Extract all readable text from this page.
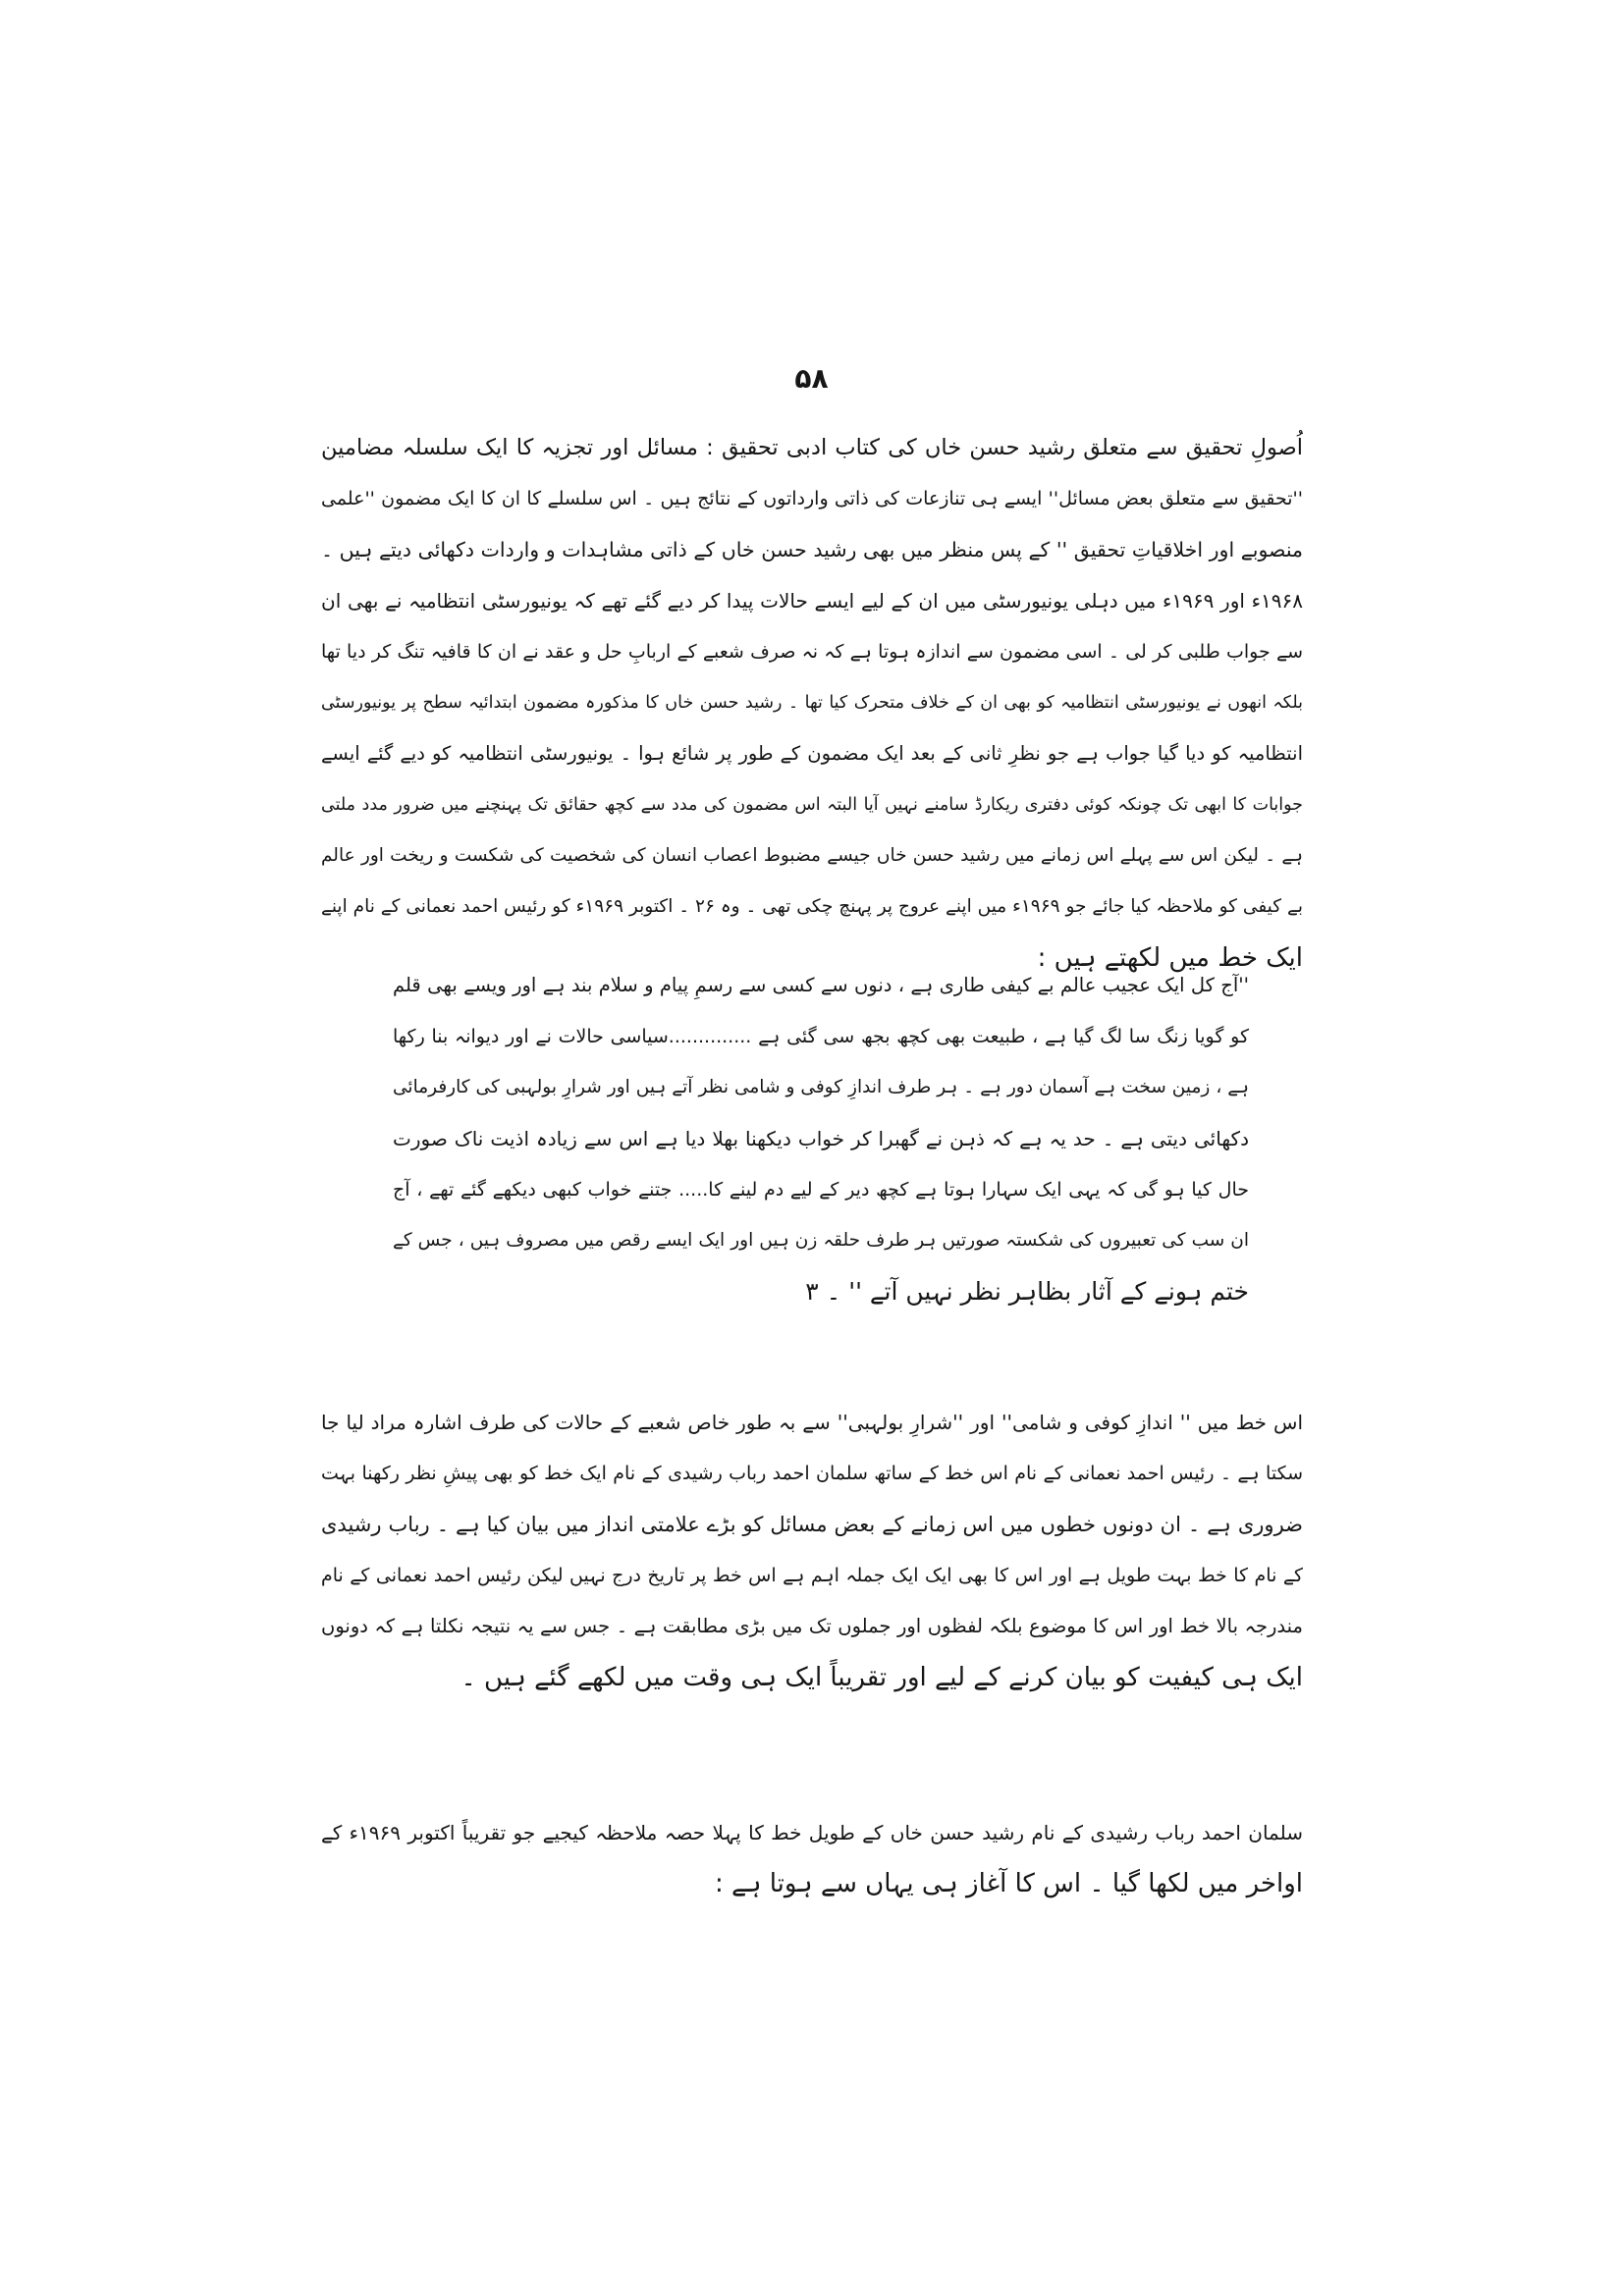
۵۸
اُصولِ تحقیق سے متعلق رشید حسن خاں کی کتاب ادبی تحقیق : مسائل اور تجزیہ کا ایک سلسلہ مضامین
''تحقیق سے متعلق بعض مسائل'' ایسے ہی تنازعات کی ذاتی وارداتوں کے نتائج ہیں ۔ اس سلسلے کا ان کا ایک مضمون ''علمی
منصوبے اور اخلاقیاتِ تحقیق '' کے پس منظر میں بھی رشید حسن خاں کے ذاتی مشاہدات و واردات دکھائی دیتے ہیں ۔
۱۹۶۸ء اور ۱۹۶۹ء میں دہلی یونیورسٹی میں ان کے لیے ایسے حالات پیدا کر دیے گئے تھے کہ یونیورسٹی انتظامیہ نے بھی ان
سے جواب طلبی کر لی ۔ اسی مضمون سے اندازہ ہوتا ہے کہ نہ صرف شعبے کے اربابِ حل و عقد نے ان کا قافیہ تنگ کر دیا تھا
بلکہ انھوں نے یونیورسٹی انتظامیہ کو بھی ان کے خلاف متحرک کیا تھا ۔ رشید حسن خاں کا مذکورہ مضمون ابتدائیہ سطح پر یونیورسٹی
انتظامیہ کو دیا گیا جواب ہے جو نظرِ ثانی کے بعد ایک مضمون کے طور پر شائع ہوا ۔ یونیورسٹی انتظامیہ کو دیے گئے ایسے
جوابات کا ابھی تک چونکہ کوئی دفتری ریکارڈ سامنے نہیں آیا البتہ اس مضمون کی مدد سے کچھ حقائق تک پہنچنے میں ضرور مدد ملتی
ہے ۔ لیکن اس سے پہلے اس زمانے میں رشید حسن خاں جیسے مضبوط اعصاب انسان کی شخصیت کی شکست و ریخت اور عالم
بے کیفی کو ملاحظہ کیا جائے جو ۱۹۶۹ء میں اپنے عروج پر پہنچ چکی تھی ۔ وہ ۲۶ ۔ اکتوبر ۱۹۶۹ء کو رئیس احمد نعمانی کے نام اپنے
ایک خط میں لکھتے ہیں :
''آج کل ایک عجیب عالم بے کیفی طاری ہے ، دنوں سے کسی سے رسمِ پیام و سلام بند ہے اور ویسے بھی قلم
کو گویا زنگ سا لگ گیا ہے ، طبیعت بھی کچھ بجھ سی گئی ہے ..............سیاسی حالات نے اور دیوانہ بنا رکھا
ہے ، زمین سخت ہے آسمان دور ہے ۔ ہر طرف اندازِ کوفی و شامی نظر آتے ہیں اور شرارِ بولہبی کی کارفرمائی
دکھائی دیتی ہے ۔ حد یہ ہے کہ ذہن نے گھبرا کر خواب دیکھنا بھلا دیا ہے اس سے زیادہ اذیت ناک صورت
حال کیا ہو گی کہ یہی ایک سہارا ہوتا ہے کچھ دیر کے لیے دم لینے کا..... جتنے خواب کبھی دیکھے گئے تھے ، آج
ان سب کی تعبیروں کی شکستہ صورتیں ہر طرف حلقہ زن ہیں اور ایک ایسے رقص میں مصروف ہیں ، جس کے
ختم ہونے کے آثار بظاہر نظر نہیں آتے '' ۔ ۳
اس خط میں '' اندازِ کوفی و شامی'' اور ''شرارِ بولہبی'' سے بہ طور خاص شعبے کے حالات کی طرف اشارہ مراد لیا جا
سکتا ہے ۔ رئیس احمد نعمانی کے نام اس خط کے ساتھ سلمان احمد رباب رشیدی کے نام ایک خط کو بھی پیشِ نظر رکھنا بہت
ضروری ہے ۔ ان دونوں خطوں میں اس زمانے کے بعض مسائل کو بڑے علامتی انداز میں بیان کیا ہے ۔ رباب رشیدی
کے نام کا خط بہت طویل ہے اور اس کا بھی ایک ایک جملہ اہم ہے اس خط پر تاریخ درج نہیں لیکن رئیس احمد نعمانی کے نام
مندرجہ بالا خط اور اس کا موضوع بلکہ لفظوں اور جملوں تک میں بڑی مطابقت ہے ۔ جس سے یہ نتیجہ نکلتا ہے کہ دونوں
ایک ہی کیفیت کو بیان کرنے کے لیے اور تقریباً ایک ہی وقت میں لکھے گئے ہیں ۔
سلمان احمد رباب رشیدی کے نام رشید حسن خاں کے طویل خط کا پہلا حصہ ملاحظہ کیجیے جو تقریباً اکتوبر ۱۹۶۹ء کے
اواخر میں لکھا گیا ۔ اس کا آغاز ہی یہاں سے ہوتا ہے :
